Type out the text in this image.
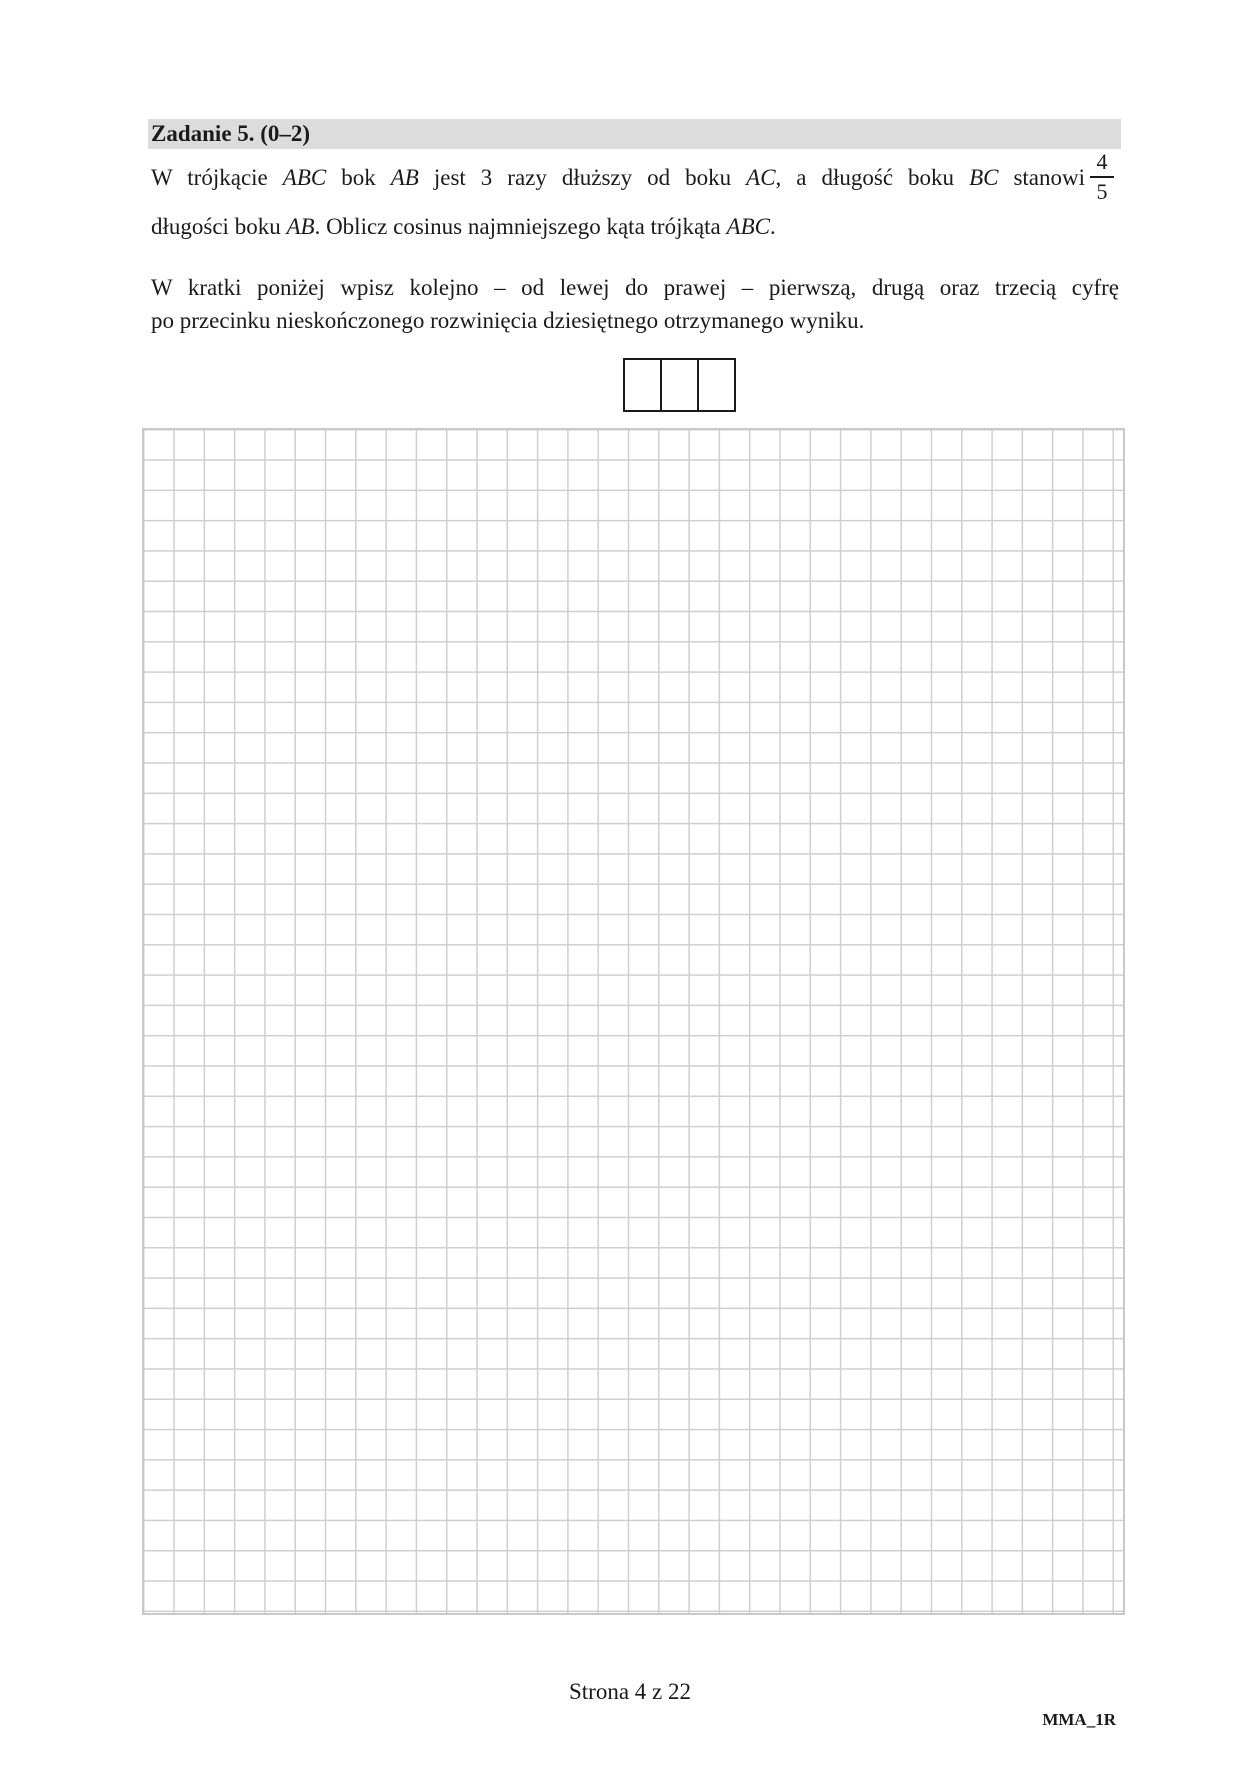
Zadanie 5. (0–2)
W trójkącie ABC bok AB jest 3 razy dłuższy od boku AC, a długość boku BC stanowi
4
5
długości boku AB. Oblicz cosinus najmniejszego kąta trójkąta ABC.
W kratki poniżej wpisz kolejno – od lewej do prawej – pierwszą, drugą oraz trzecią cyfrę
po przecinku nieskończonego rozwinięcia dziesiętnego otrzymanego wyniku.
Strona 4 z 22
MMA_1R
